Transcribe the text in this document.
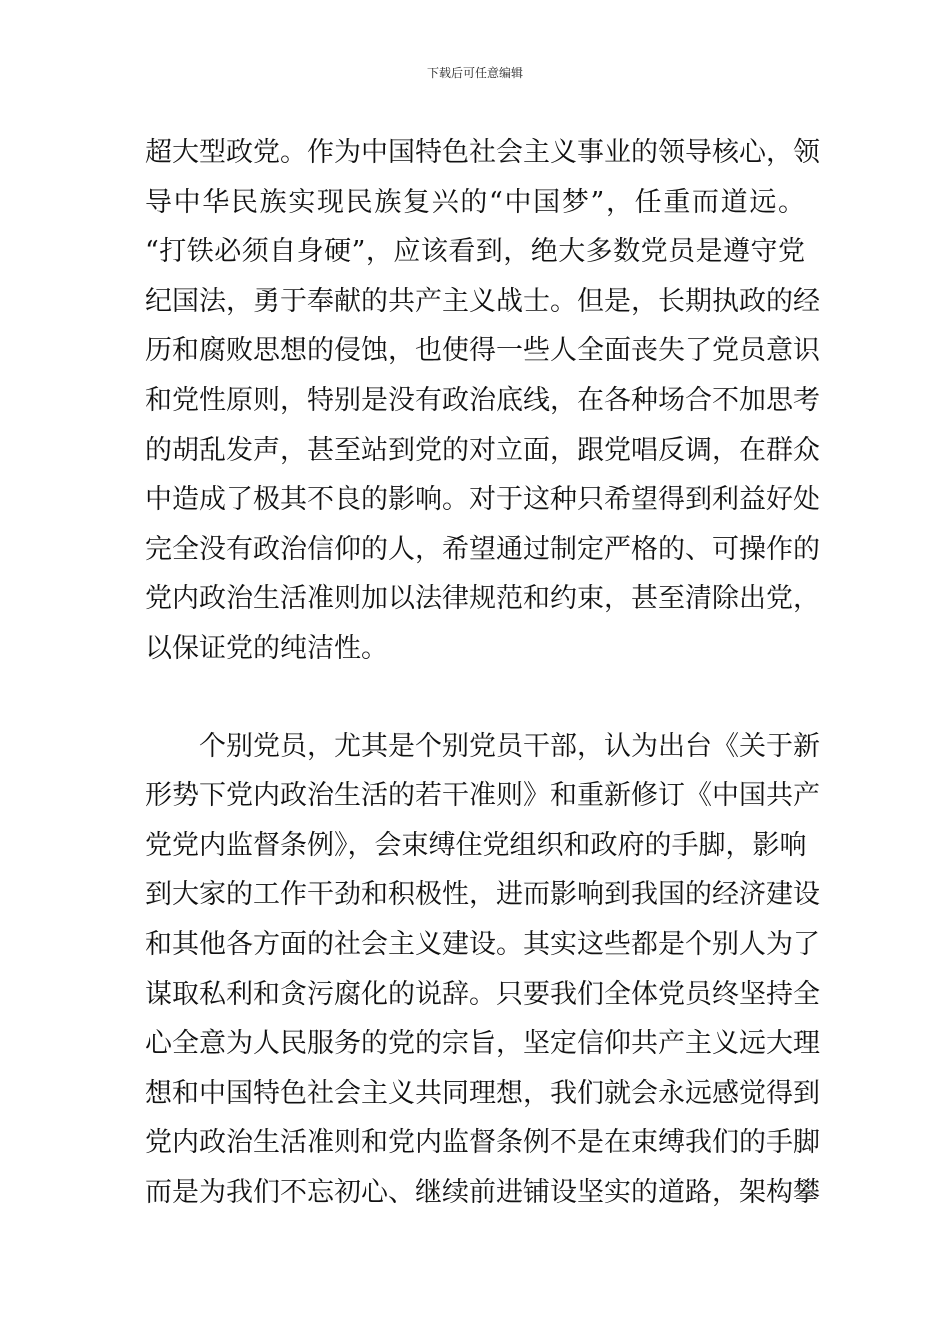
下载后可任意编辑
超大型政党。作为中国特色社会主义事业的领导核心，领
导中华民族实现民族复兴的“中国梦”，任重而道远。
“打铁必须自身硬”，应该看到，绝大多数党员是遵守党
纪国法，勇于奉献的共产主义战士。但是，长期执政的经
历和腐败思想的侵蚀，也使得一些人全面丧失了党员意识
和党性原则，特别是没有政治底线，在各种场合不加思考
的胡乱发声，甚至站到党的对立面，跟党唱反调，在群众
中造成了极其不良的影响。对于这种只希望得到利益好处
完全没有政治信仰的人，希望通过制定严格的、可操作的
党内政治生活准则加以法律规范和约束，甚至清除出党，
以保证党的纯洁性。
个别党员，尤其是个别党员干部，认为出台《关于新
形势下党内政治生活的若干准则》和重新修订《中国共产
党党内监督条例》，会束缚住党组织和政府的手脚，影响
到大家的工作干劲和积极性，进而影响到我国的经济建设
和其他各方面的社会主义建设。其实这些都是个别人为了
谋取私利和贪污腐化的说辞。只要我们全体党员终坚持全
心全意为人民服务的党的宗旨，坚定信仰共产主义远大理
想和中国特色社会主义共同理想，我们就会永远感觉得到
党内政治生活准则和党内监督条例不是在束缚我们的手脚
而是为我们不忘初心、继续前进铺设坚实的道路，架构攀
